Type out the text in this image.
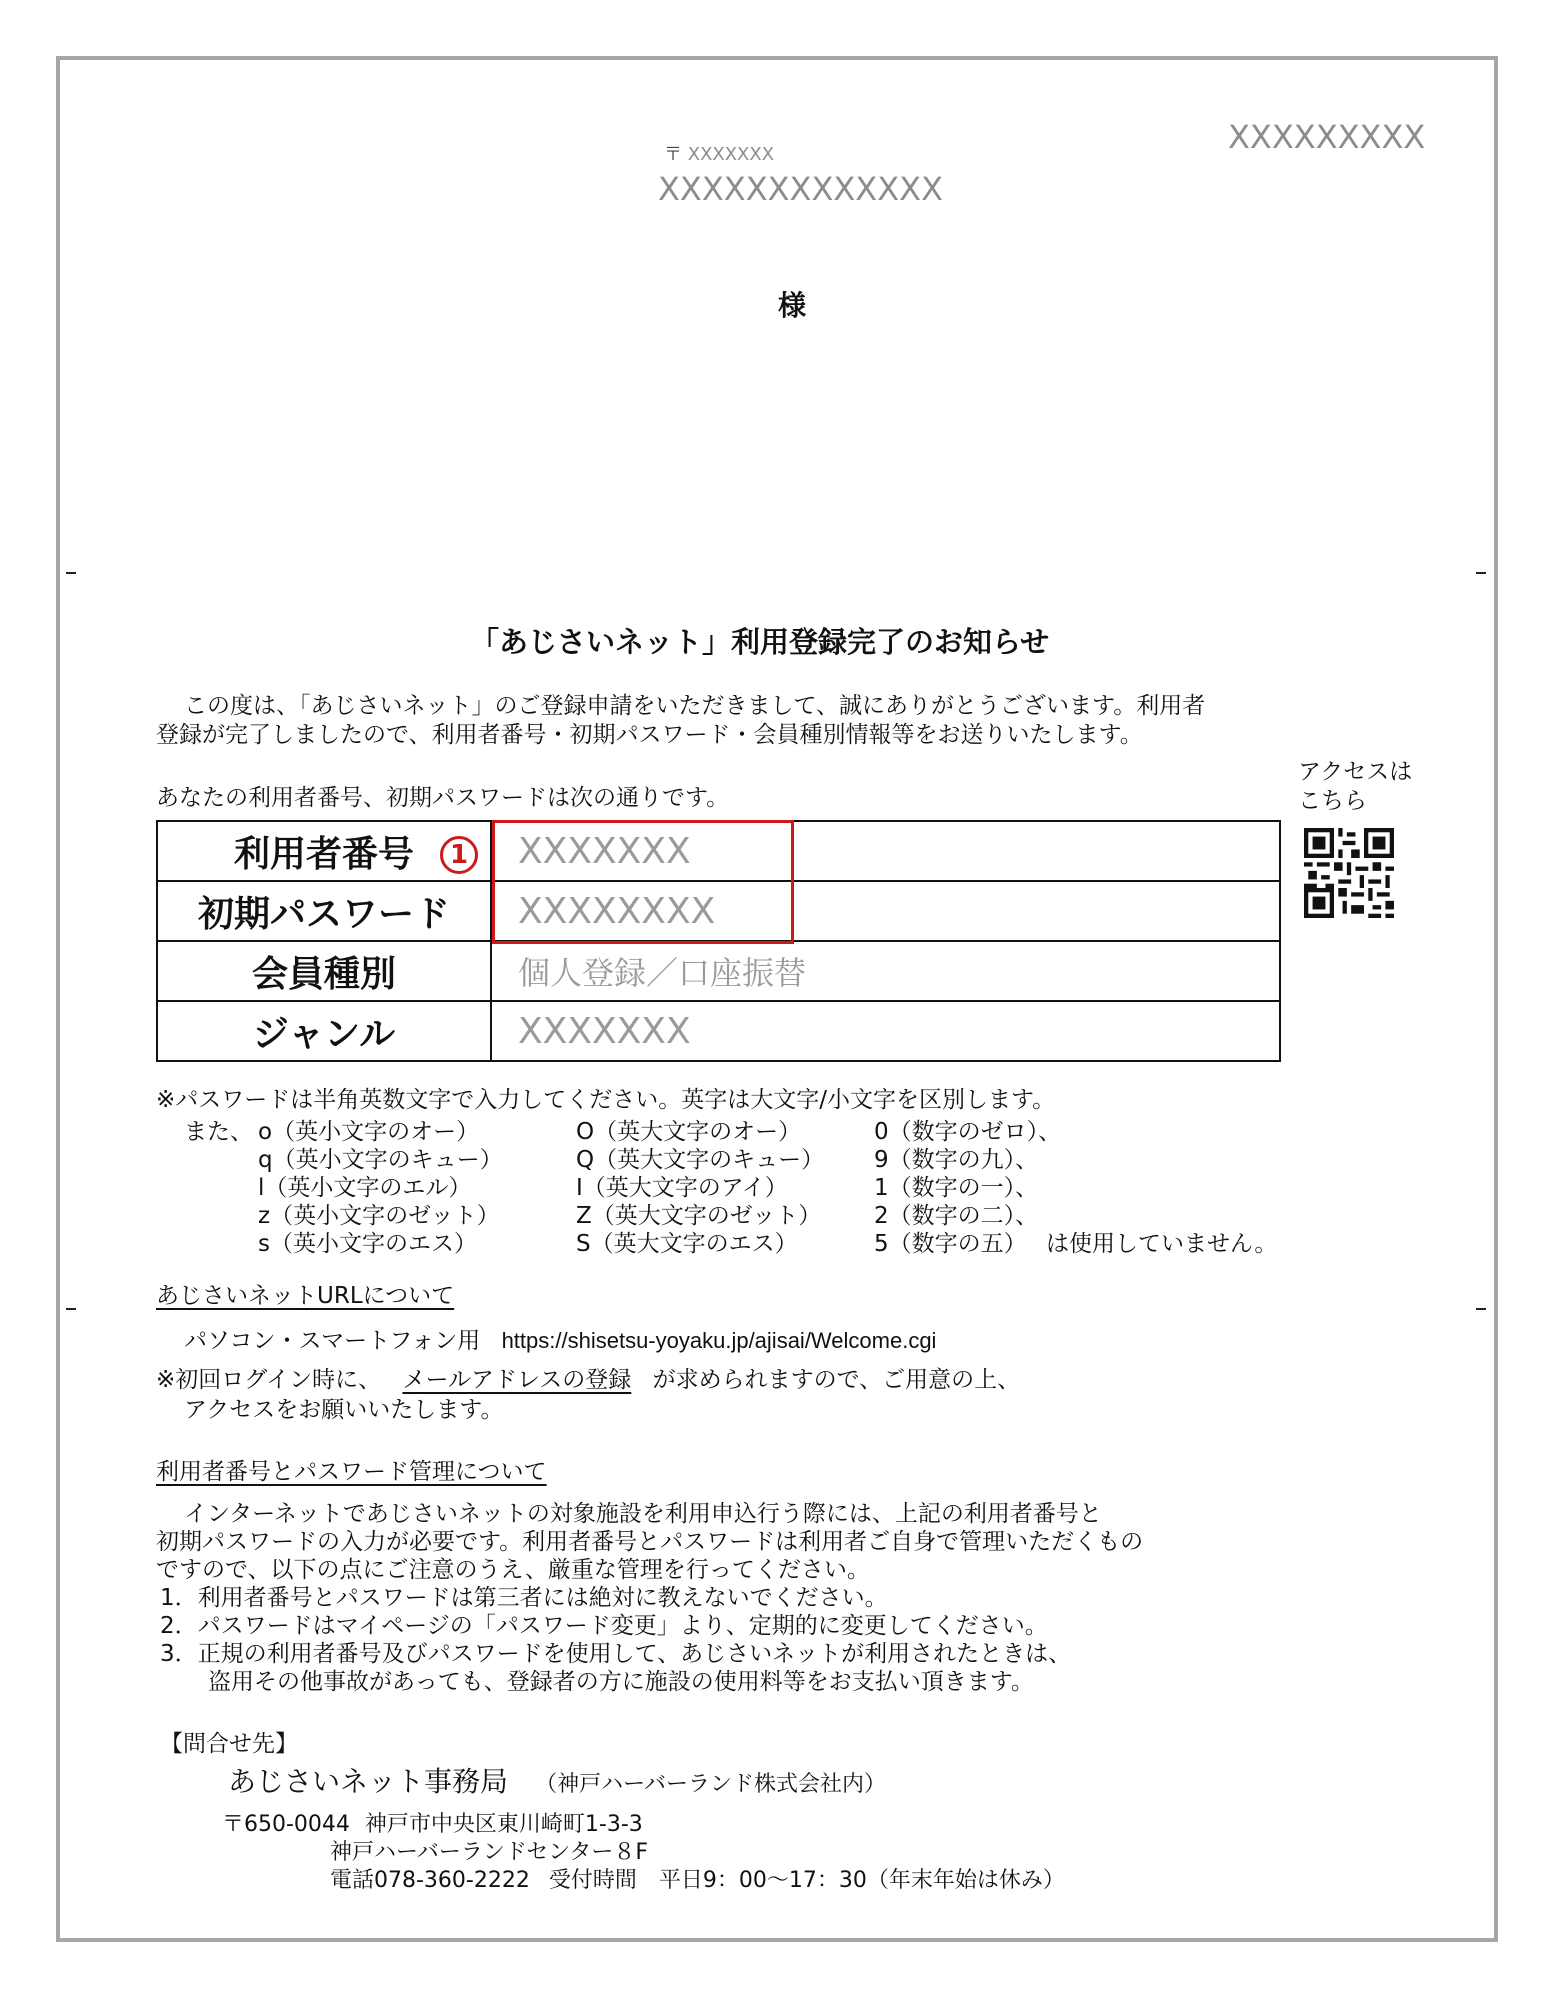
〒 XXXXXXX
XXXXXXXXXXXXX
XXXXXXXXX
様
「あじさいネット」利用登録完了のお知らせ
この度は、「あじさいネット」のご登録申請をいただきまして、誠にありがとうございます。利用者
登録が完了しましたので、利用者番号・初期パスワード・会員種別情報等をお送りいたします。
あなたの利用者番号、初期パスワードは次の通りです。
アクセスは
こちら
利用者番号	XXXXXXX
初期パスワード	XXXXXXXX
会員種別	個人登録／口座振替
ジャンル	XXXXXXX
1
※パスワードは半角英数文字で入力してください。英字は大文字/小文字を区別します。
また、 o（英小文字のオー）	O（英大文字のオー）	0（数字のゼロ）、
q（英小文字のキュー）	Q（英大文字のキュー） 9（数字の九）、
l（英小文字のエル）	I（英大文字のアイ）	1（数字の一）、
z（英小文字のゼット）	Z（英大文字のゼット） 2（数字の二）、
s（英小文字のエス）	S（英大文字のエス）	5（数字の五） は使用していません。
あじさいネットURLについて
パソコン・スマートフォン用 https://shisetsu-yoyaku.jp/ajisai/Welcome.cgi
※初回ログイン時に、 メールアドレスの登録 が求められますので、ご用意の上、
アクセスをお願いいたします。
利用者番号とパスワード管理について
インターネットであじさいネットの対象施設を利用申込行う際には、上記の利用者番号と
初期パスワードの入力が必要です。利用者番号とパスワードは利用者ご自身で管理いただくもの
ですので、以下の点にご注意のうえ、厳重な管理を行ってください。
1．利用者番号とパスワードは第三者には絶対に教えないでください。
2．パスワードはマイページの「パスワード変更」より、定期的に変更してください。
3．正規の利用者番号及びパスワードを使用して、あじさいネットが利用されたときは、
盗用その他事故があっても、登録者の方に施設の使用料等をお支払い頂きます。
【問合せ先】
あじさいネット事務局 （神戸ハーバーランド株式会社内）
〒650-0044 神戸市中央区東川崎町1-3-3
神戸ハーバーランドセンター８F
電話078-360-2222 受付時間　平日9：00〜17：30（年末年始は休み）
